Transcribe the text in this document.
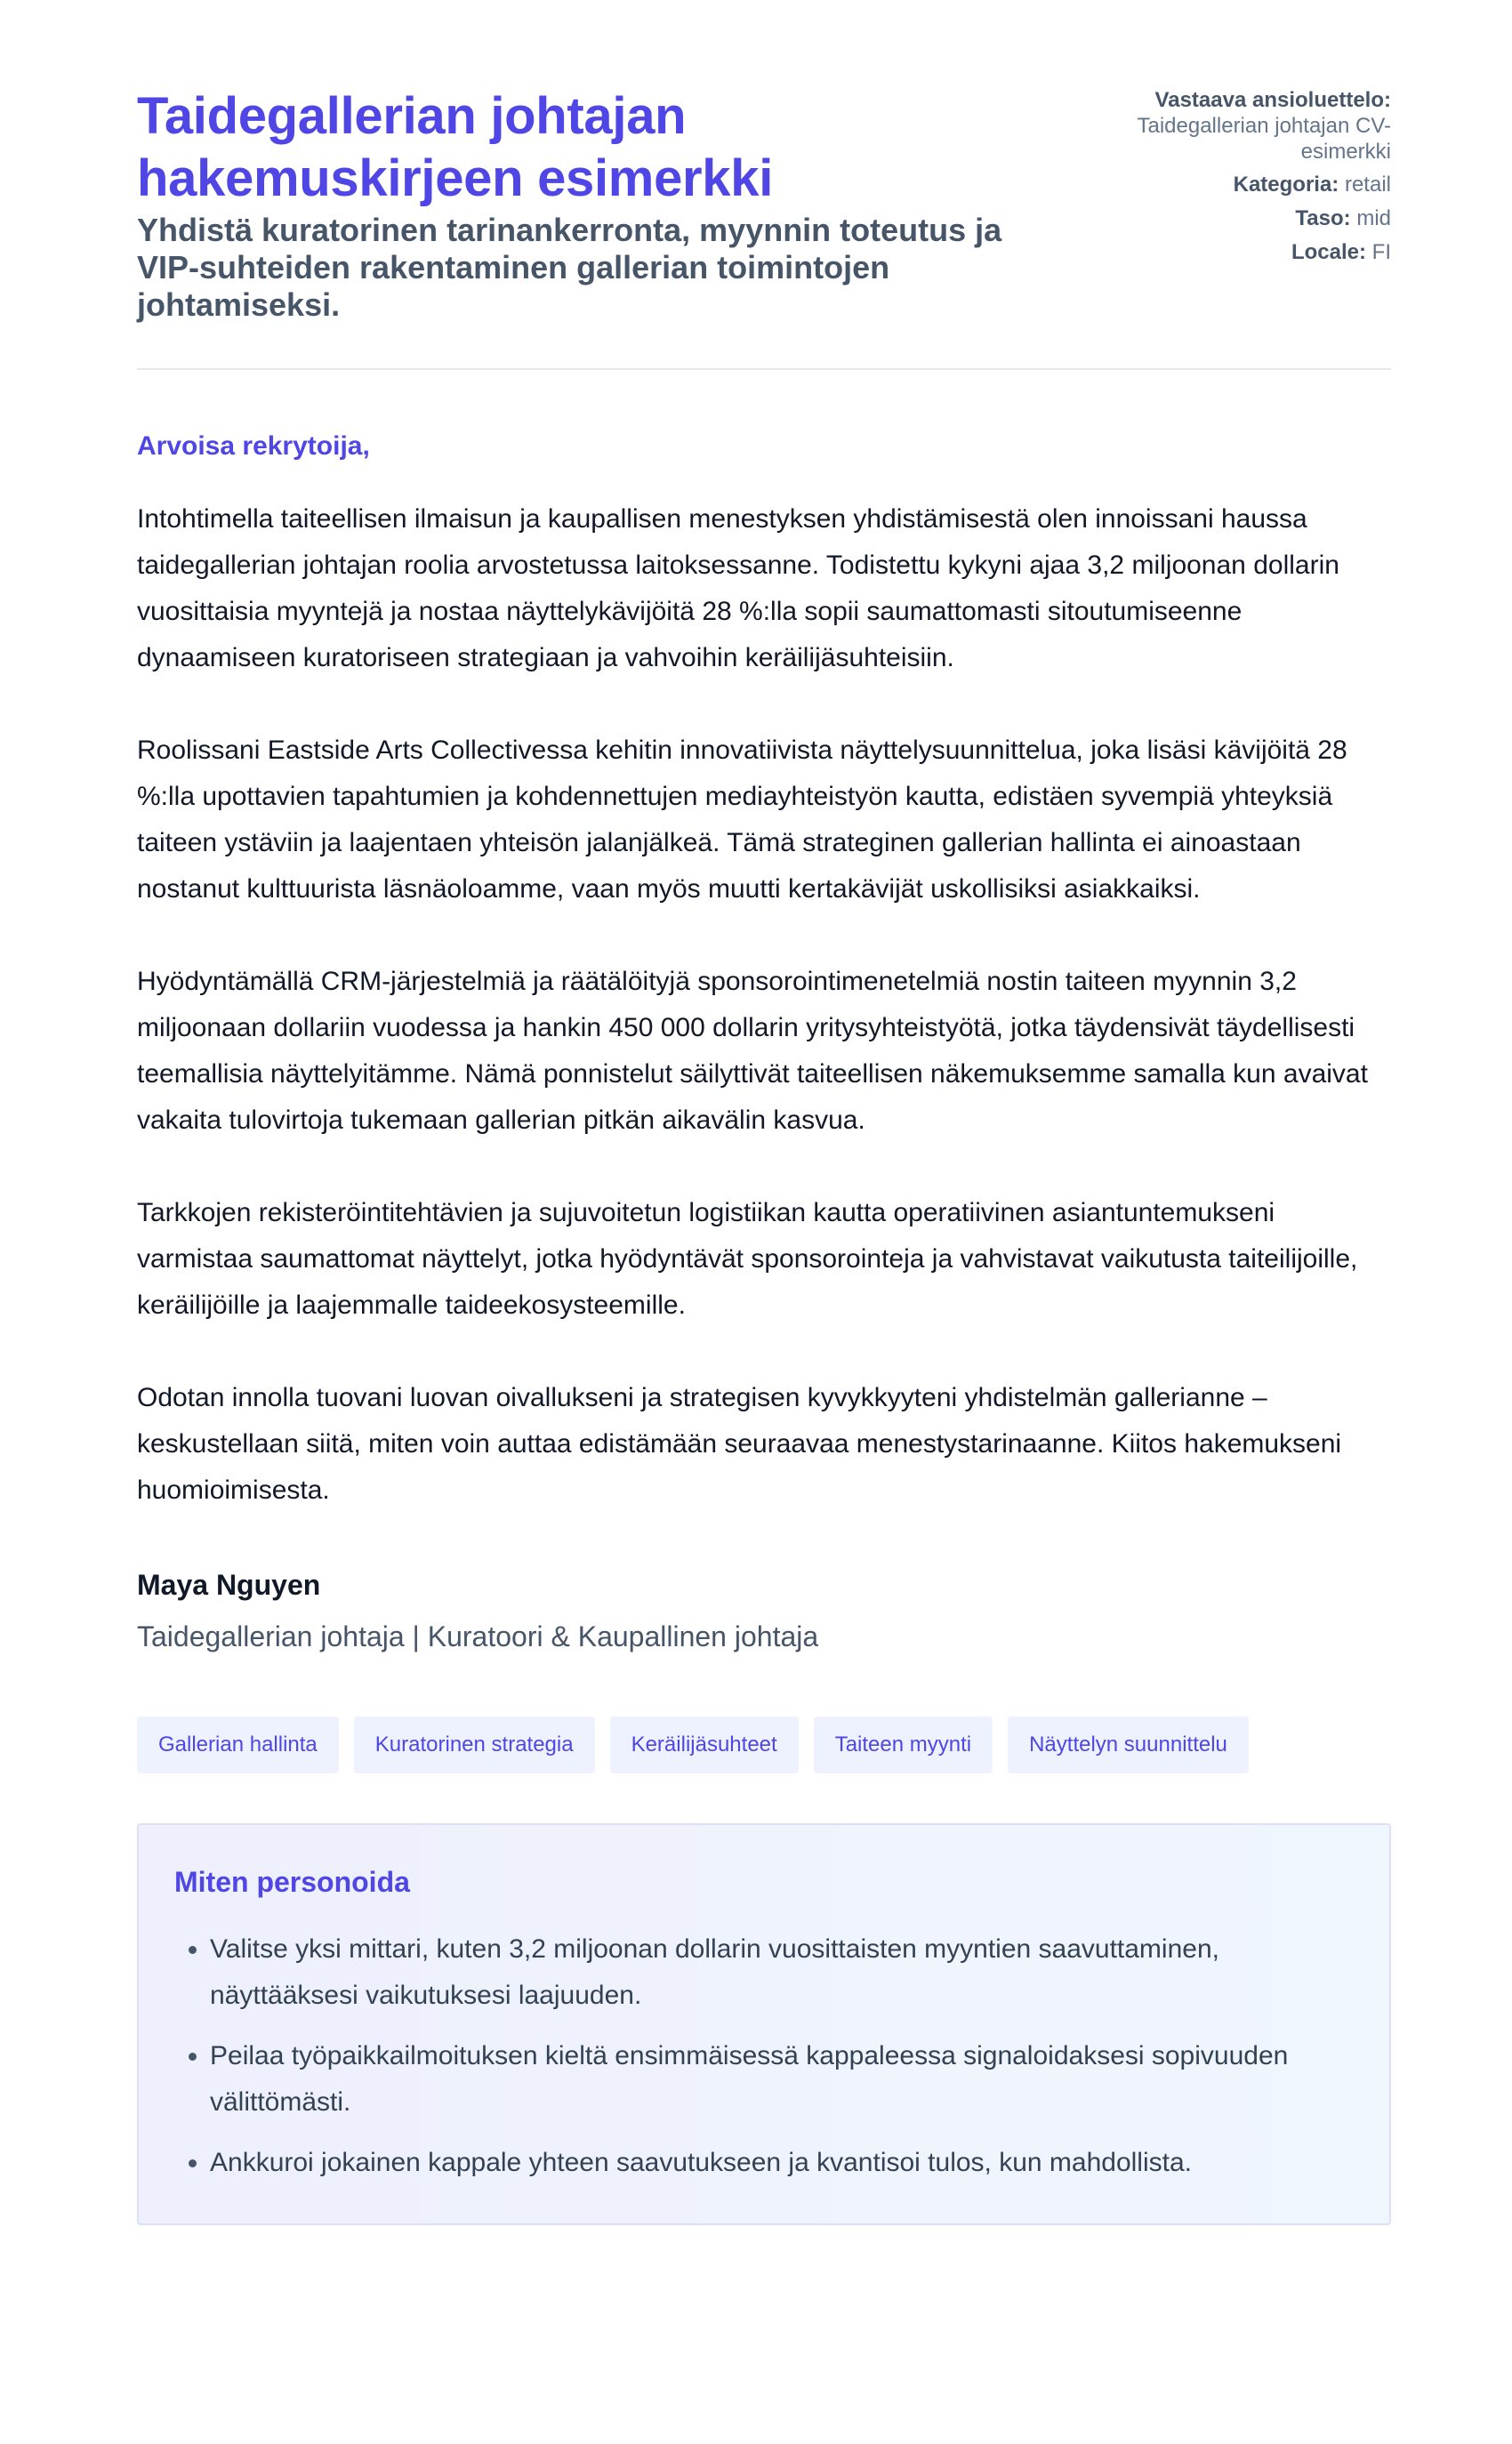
Taidegallerian johtajan hakemuskirjeen esimerkki
Yhdistä kuratorinen tarinankerronta, myynnin toteutus ja VIP-suhteiden rakentaminen gallerian toimintojen johtamiseksi.
Vastaava ansioluettelo:
Taidegallerian johtajan CV-esimerkki
Kategoria: retail
Taso: mid
Locale: FI
Arvoisa rekrytoija,

Intohtimella taiteellisen ilmaisun ja kaupallisen menestyksen yhdistämisestä olen innoissani haussa taidegallerian johtajan roolia arvostetussa laitoksessanne. Todistettu kykyni ajaa 3,2 miljoonan dollarin vuosittaisia myyntejä ja nostaa näyttelykävijöitä 28 %:lla sopii saumattomasti sitoutumiseenne dynaamiseen kuratoriseen strategiaan ja vahvoihin keräilijäsuhteisiin.

Roolissani Eastside Arts Collectivessa kehitin innovatiivista näyttelysuunnittelua, joka lisäsi kävijöitä 28 %:lla upottavien tapahtumien ja kohdennettujen mediayhteistyön kautta, edistäen syvempiä yhteyksiä taiteen ystäviin ja laajentaen yhteisön jalanjälkeä. Tämä strateginen gallerian hallinta ei ainoastaan nostanut kulttuurista läsnäoloamme, vaan myös muutti kertakävijät uskollisiksi asiakkaiksi.

Hyödyntämällä CRM-järjestelmiä ja räätälöityjä sponsorointimenetelmiä nostin taiteen myynnin 3,2 miljoonaan dollariin vuodessa ja hankin 450 000 dollarin yritysyhteistyötä, jotka täydensivät täydellisesti teemallisia näyttelyitämme. Nämä ponnistelut säilyttivät taiteellisen näkemuksemme samalla kun avaivat vakaita tulovirtoja tukemaan gallerian pitkän aikavälin kasvua.

Tarkkojen rekisteröintitehtävien ja sujuvoitetun logistiikan kautta operatiivinen asiantuntemukseni varmistaa saumattomat näyttelyt, jotka hyödyntävät sponsorointeja ja vahvistavat vaikutusta taiteilijoille, keräilijöille ja laajemmalle taideekosysteemille.

Odotan innolla tuovani luovan oivallukseni ja strategisen kyvykkyyteni yhdistelmän gallerianne – keskustellaan siitä, miten voin auttaa edistämään seuraavaa menestystarinaanne. Kiitos hakemukseni huomioimisesta.

Maya Nguyen
Taidegallerian johtaja | Kuratoori & Kaupallinen johtaja
Gallerian hallinta	Kuratorinen strategia	Keräilijäsuhteet	Taiteen myynti	Näyttelyn suunnittelu
Miten personoida
• Valitse yksi mittari, kuten 3,2 miljoonan dollarin vuosittaisten myyntien saavuttaminen, näyttääksesi vaikutuksesi laajuuden.
• Peilaa työpaikkailmoituksen kieltä ensimmäisessä kappaleessa signaloidaksesi sopivuuden välittömästi.
• Ankkuroi jokainen kappale yhteen saavutukseen ja kvantisoi tulos, kun mahdollista.
